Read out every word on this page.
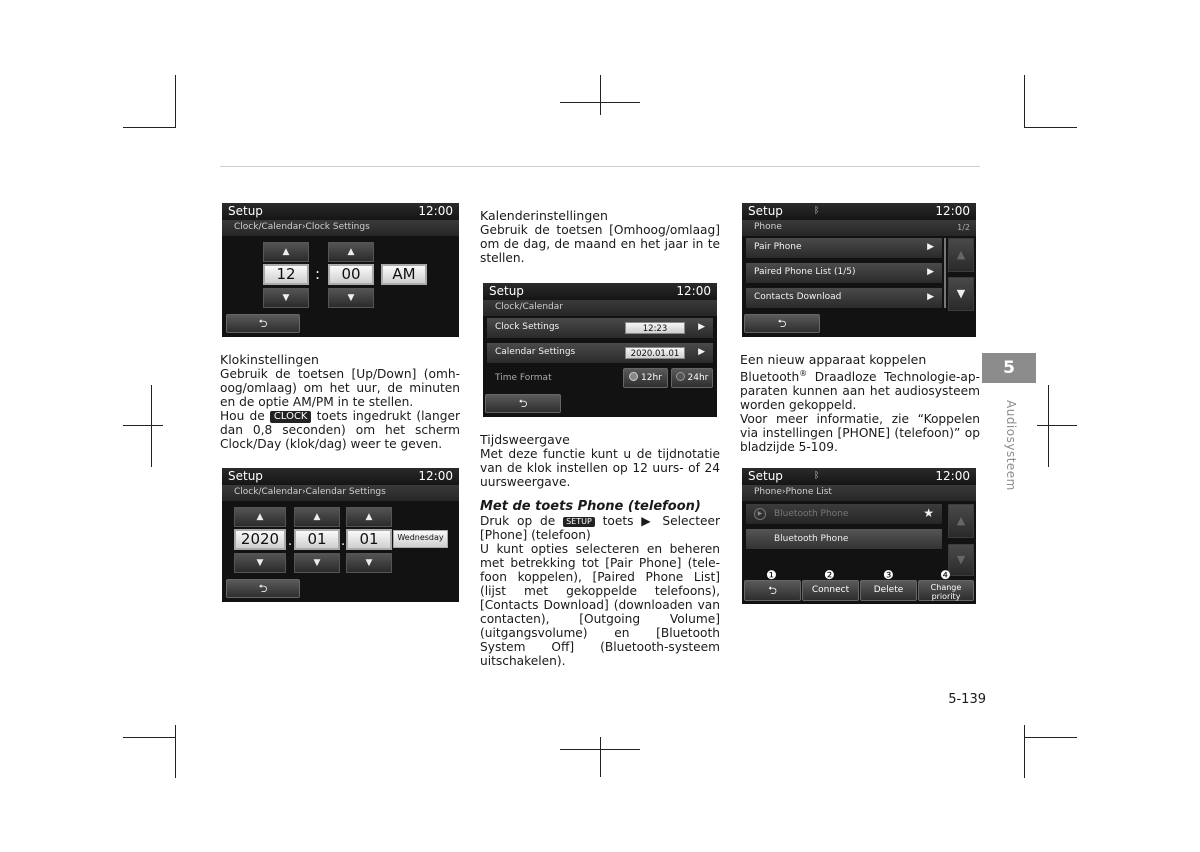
Setup	12:00
Clock/Calendar›Clock Settings
▲	▲
12	:	00	AM
▼	▼
⮌
Setup	12:00
Clock/Calendar›Calendar Settings
▲	▲	▲
2020 .	01	. 01	Wednesday
▼	▼	▼
⮌

Klokinstellingen

Gebruik de toetsen [Up/Down] (omh-oog/omlaag) om het uur, de minuten en de optie AM/PM in te stellen.

Hou de CLOCK toets ingedrukt (langer dan 0,8 seconden) om het scherm Clock/Day (klok/dag) weer te geven.

Kalenderinstellingen

Gebruik de toetsen [Omhoog/omlaag] om de dag, de maand en het jaar in te stellen.

Setup	12:00
Clock/Calendar
Clock Settings	12:23	▶
Calendar Settings	2020.01.01	▶
Time Format	12hr	24hr
⮌

Tijdsweergave

Met deze functie kunt u de tijdnotatie van de klok instellen op 12 uurs- of 24 uursweergave.

Met de toets Phone (telefoon)

Druk op de SETUP toets ▶ Selecteer [Phone] (telefoon)

U kunt opties selecteren en beheren met betrekking tot [Pair Phone] (tele-foon koppelen), [Paired Phone List] (lijst met gekoppelde telefoons), [Contacts Download] (downloaden van contacten), [Outgoing Volume] (uitgangsvolume) en [Bluetooth System Off] (Bluetooth-systeem uitschakelen).

Setup	ᛒ	12:00
Phone	1/2
Pair Phone	▶
Paired Phone List (1/5)	▶
Contacts Download	▶
▲
▼
⮌

Een nieuw apparaat koppelen

Bluetooth® Draadloze Technologie-ap-paraten kunnen aan het audiosysteem worden gekoppeld.

Voor meer informatie, zie “Koppelen via instellingen [PHONE] (telefoon)” op bladzijde 5-109.

Setup	ᛒ	12:00
Phone›Phone List
▶	Bluetooth Phone	★
Bluetooth Phone
▲
▼
⮌	Connect	Delete	Change priority
❶	❷	❸	❹
5
Audiosysteem
5-139
